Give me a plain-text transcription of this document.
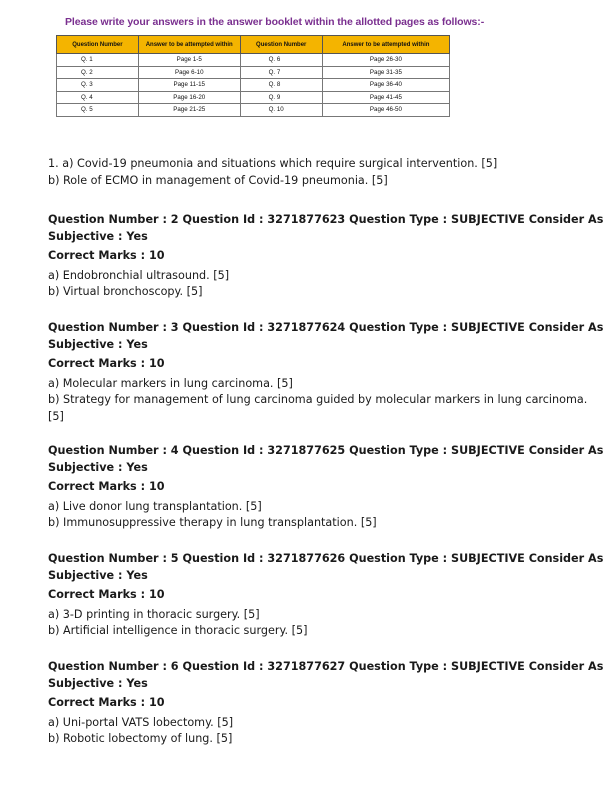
Please write your answers in the answer booklet within the allotted pages as follows:-
Question Number	Answer to be attempted within	Question Number	Answer to be attempted within
Q. 1	Page 1-5	Q. 6	Page 26-30
Q. 2	Page 6-10	Q. 7	Page 31-35
Q. 3	Page 11-15	Q. 8	Page 36-40
Q. 4	Page 16-20	Q. 9	Page 41-45
Q. 5	Page 21-25	Q. 10	Page 46-50
1. a) Covid-19 pneumonia and situations which require surgical intervention. [5]
b) Role of ECMO in management of Covid-19 pneumonia. [5]
Question Number : 2 Question Id : 3271877623 Question Type : SUBJECTIVE Consider As
Subjective : Yes
Correct Marks : 10
a) Endobronchial ultrasound. [5]
b) Virtual bronchoscopy. [5]
Question Number : 3 Question Id : 3271877624 Question Type : SUBJECTIVE Consider As
Subjective : Yes
Correct Marks : 10
a) Molecular markers in lung carcinoma. [5]
b) Strategy for management of lung carcinoma guided by molecular markers in lung carcinoma.
[5]
Question Number : 4 Question Id : 3271877625 Question Type : SUBJECTIVE Consider As
Subjective : Yes
Correct Marks : 10
a) Live donor lung transplantation. [5]
b) Immunosuppressive therapy in lung transplantation. [5]
Question Number : 5 Question Id : 3271877626 Question Type : SUBJECTIVE Consider As
Subjective : Yes
Correct Marks : 10
a) 3-D printing in thoracic surgery. [5]
b) Artificial intelligence in thoracic surgery. [5]
Question Number : 6 Question Id : 3271877627 Question Type : SUBJECTIVE Consider As
Subjective : Yes
Correct Marks : 10
a) Uni-portal VATS lobectomy. [5]
b) Robotic lobectomy of lung. [5]
